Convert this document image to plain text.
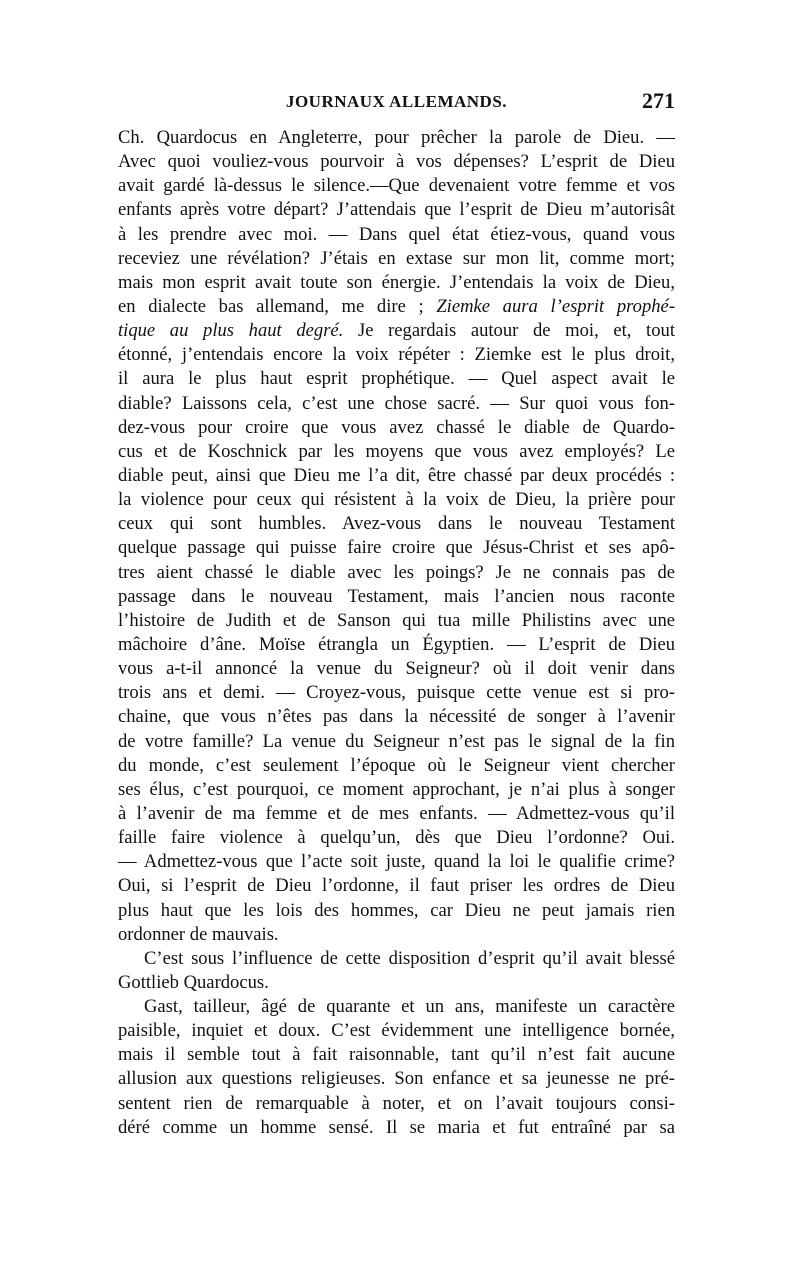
JOURNAUX ALLEMANDS.	271
Ch. Quardocus en Angleterre, pour prêcher la parole de Dieu. —
Avec quoi vouliez-vous pourvoir à vos dépenses? L’esprit de Dieu
avait gardé là-dessus le silence.—Que devenaient votre femme et vos
enfants après votre départ? J’attendais que l’esprit de Dieu m’autorisât
à les prendre avec moi. — Dans quel état étiez-vous, quand vous
receviez une révélation? J’étais en extase sur mon lit, comme mort;
mais mon esprit avait toute son énergie. J’entendais la voix de Dieu,
en dialecte bas allemand, me dire ; Ziemke aura l’esprit prophé-
tique au plus haut degré. Je regardais autour de moi, et, tout
étonné, j’entendais encore la voix répéter : Ziemke est le plus droit,
il aura le plus haut esprit prophétique. — Quel aspect avait le
diable? Laissons cela, c’est une chose sacré. — Sur quoi vous fon-
dez-vous pour croire que vous avez chassé le diable de Quardo-
cus et de Koschnick par les moyens que vous avez employés? Le
diable peut, ainsi que Dieu me l’a dit, être chassé par deux procédés :
la violence pour ceux qui résistent à la voix de Dieu, la prière pour
ceux qui sont humbles. Avez-vous dans le nouveau Testament
quelque passage qui puisse faire croire que Jésus-Christ et ses apô-
tres aient chassé le diable avec les poings? Je ne connais pas de
passage dans le nouveau Testament, mais l’ancien nous raconte
l’histoire de Judith et de Sanson qui tua mille Philistins avec une
mâchoire d’âne. Moïse étrangla un Égyptien. — L’esprit de Dieu
vous a-t-il annoncé la venue du Seigneur? où il doit venir dans
trois ans et demi. — Croyez-vous, puisque cette venue est si pro-
chaine, que vous n’êtes pas dans la nécessité de songer à l’avenir
de votre famille? La venue du Seigneur n’est pas le signal de la fin
du monde, c’est seulement l’époque où le Seigneur vient chercher
ses élus, c’est pourquoi, ce moment approchant, je n’ai plus à songer
à l’avenir de ma femme et de mes enfants. — Admettez-vous qu’il
faille faire violence à quelqu’un, dès que Dieu l’ordonne? Oui.
— Admettez-vous que l’acte soit juste, quand la loi le qualifie crime?
Oui, si l’esprit de Dieu l’ordonne, il faut priser les ordres de Dieu
plus haut que les lois des hommes, car Dieu ne peut jamais rien
ordonner de mauvais.
C’est sous l’influence de cette disposition d’esprit qu’il avait blessé
Gottlieb Quardocus.
Gast, tailleur, âgé de quarante et un ans, manifeste un caractère
paisible, inquiet et doux. C’est évidemment une intelligence bornée,
mais il semble tout à fait raisonnable, tant qu’il n’est fait aucune
allusion aux questions religieuses. Son enfance et sa jeunesse ne pré-
sentent rien de remarquable à noter, et on l’avait toujours consi-
déré comme un homme sensé. Il se maria et fut entraîné par sa
